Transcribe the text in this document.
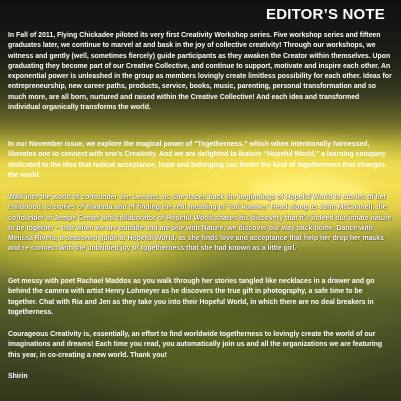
EDITOR’S NOTE

In Fall of 2011, Flying Chickadee piloted its very first Creativity Workshop series. Five workshop series and fifteen graduates later, we continue to marvel at and bask in the joy of collective creativity! Through our workshops, we witness and gently (well, sometimes fiercely) guide participants as they awaken the Creator within themselves. Upon graduating they become part of our Creative Collective, and continue to support, motivate and inspire each other. An exponential power is unleashed in the group as members lovingly create limitless possibility for each other. Ideas for entrepreneurship, new career paths, products, service, books, music, parenting, personal transformation and so much more, are all born, nurtured and raised within the Creative Collective! And each idea and transformed individual organically transforms the world.

In our November issue, we explore the magical power of “Togetherness,” which when intentionally harnessed, liberates one to connect with one’s Creativity. And we are delighted to feature “Hopeful World,” a learning company dedicated to the idea that radical acceptance, hope and belonging can foster the kind of togetherness that changes the world.

Walk into the world of co-founder Jen Lemens, as she traces back the beginnings of Hopeful World to stories of her childhood, to stories of Rwanda and of finding the real meaning of ‘turi kumwe.’ Read along as John McConnell, the co-founder of Jempe Center and collaborator of Hopeful World shares his discovery that it’s indeed our innate nature to be together – that when we are outside and are one with Nature, we discover our way back home. Dance with Melissa Rivera, a seasoned guide at Hopeful World, as she finds love and acceptance that help her drop her masks and re-connect with the unbridled joy of togetherness that she had known as a little girl.

Get messy with poet Rachael Maddox as you walk through her stories tangled like necklaces in a drawer and go behind the camera with artist Henry Lohmeyer as he discovers the true gift in photography, a safe time to be together. Chat with Ria and Jen as they take you into their Hopeful World, in which there are no deal breakers in togetherness.

Courageous Creativity is, essentially, an effort to find worldwide togetherness to lovingly create the world of our imaginations and dreams! Each time you read, you automatically join us and all the organizations we are featuring this year, in co-creating a new world. Thank you!

Shirin
